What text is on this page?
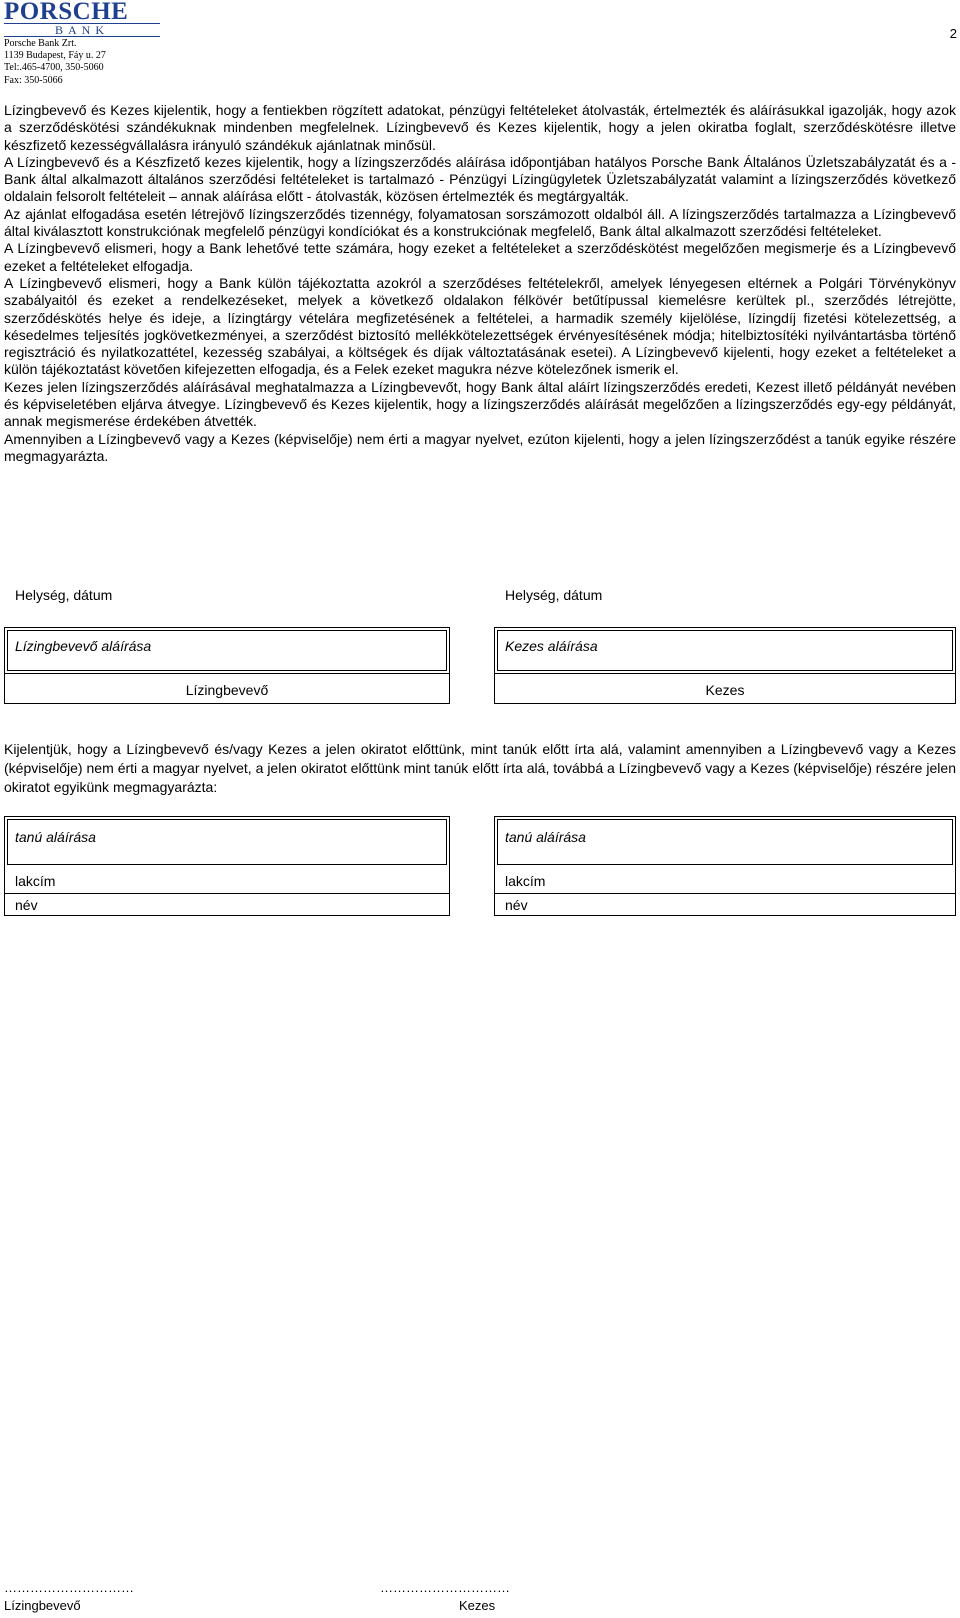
PORSCHE
BANK
Porsche Bank Zrt.
1139 Budapest, Fáy u. 27
Tel:.465-4700, 350-5060
Fax: 350-5066
2

Lízingbevevő és Kezes kijelentik, hogy a fentiekben rögzített adatokat, pénzügyi feltételeket átolvasták, értelmezték és aláírásukkal igazolják, hogy azok a szerződéskötési szándékuknak mindenben megfelelnek. Lízingbevevő és Kezes kijelentik, hogy a jelen okiratba foglalt, szerződéskötésre illetve készfizető kezességvállalásra irányuló szándékuk ajánlatnak minősül.

A Lízingbevevő és a Készfizető kezes kijelentik, hogy a lízingszerződés aláírása időpontjában hatályos Porsche Bank Általános Üzletszabályzatát és a - Bank által alkalmazott általános szerződési feltételeket is tartalmazó - Pénzügyi Lízingügyletek Üzletszabályzatát valamint a lízingszerződés következő oldalain felsorolt feltételeit – annak aláírása előtt - átolvasták, közösen értelmezték és megtárgyalták.

Az ajánlat elfogadása esetén létrejövő lízingszerződés tizennégy, folyamatosan sorszámozott oldalból áll. A lízingszerződés tartalmazza a Lízingbevevő által kiválasztott konstrukciónak megfelelő pénzügyi kondíciókat és a konstrukciónak megfelelő, Bank által alkalmazott szerződési feltételeket.

A Lízingbevevő elismeri, hogy a Bank lehetővé tette számára, hogy ezeket a feltételeket a szerződéskötést megelőzően megismerje és a Lízingbevevő ezeket a feltételeket elfogadja.

A Lízingbevevő elismeri, hogy a Bank külön tájékoztatta azokról a szerződéses feltételekről, amelyek lényegesen eltérnek a Polgári Törvénykönyv szabályaitól és ezeket a rendelkezéseket, melyek a következő oldalakon félkövér betűtípussal kiemelésre kerültek pl., szerződés létrejötte, szerződéskötés helye és ideje, a lízingtárgy vételára megfizetésének a feltételei, a harmadik személy kijelölése, lízingdíj fizetési kötelezettség, a késedelmes teljesítés jogkövetkezményei, a szerződést biztosító mellékkötelezettségek érvényesítésének módja; hitelbiztosítéki nyilvántartásba történő regisztráció és nyilatkozattétel, kezesség szabályai, a költségek és díjak változtatásának esetei). A Lízingbevevő kijelenti, hogy ezeket a feltételeket a külön tájékoztatást követően kifejezetten elfogadja, és a Felek ezeket magukra nézve kötelezőnek ismerik el.

Kezes jelen lízingszerződés aláírásával meghatalmazza a Lízingbevevőt, hogy Bank által aláírt lízingszerződés eredeti, Kezest illető példányát nevében és képviseletében eljárva átvegye. Lízingbevevő és Kezes kijelentik, hogy a lízingszerződés aláírását megelőzően a lízingszerződés egy-egy példányát, annak megismerése érdekében átvették.

Amennyiben a Lízingbevevő vagy a Kezes (képviselője) nem érti a magyar nyelvet, ezúton kijelenti, hogy a jelen lízingszerződést a tanúk egyike részére megmagyarázta.

Helység, dátum	Helység, dátum
Lízingbevevő aláírása	Kezes aláírása
Lízingbevevő	Kezes

Kijelentjük, hogy a Lízingbevevő és/vagy Kezes a jelen okiratot előttünk, mint tanúk előtt írta alá, valamint amennyiben a Lízingbevevő vagy a Kezes (képviselője) nem érti a magyar nyelvet, a jelen okiratot előttünk mint tanúk előtt írta alá, továbbá a Lízingbevevő vagy a Kezes (képviselője) részére jelen okiratot egyikünk megmagyarázta:

tanú aláírása
lakcím
név
tanú aláírása
lakcím
név
…………………………	…………………………
Lízingbevevő	Kezes
